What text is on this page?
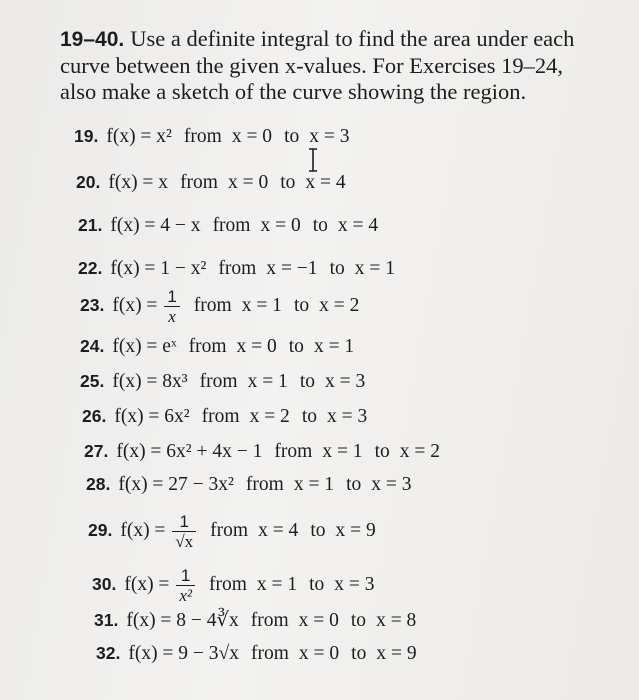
19–40. Use a definite integral to find the area under each
curve between the given x-values. For Exercises 19–24,
also make a sketch of the curve showing the region.
19. f(x) = x² from x = 0 to x = 3
20. f(x) = x from x = 0 to x = 4
21. f(x) = 4 − x from x = 0 to x = 4
22. f(x) = 1 − x² from x = −1 to x = 1
23. $f(x) = \frac{1}{x}$ from x = 1 to x = 2
24. f(x) = eˣ from x = 0 to x = 1
25. f(x) = 8x³ from x = 1 to x = 3
26. f(x) = 6x² from x = 2 to x = 3
27. f(x) = 6x² + 4x − 1 from x = 1 to x = 2
28. f(x) = 27 − 3x² from x = 1 to x = 3
29. $f(x) = \frac{1}{√x}$ from x = 4 to x = 9
30. $f(x) = \frac{1}{\text{x²}}$ from x = 1 to x = 3
31. f(x) = 8 − 4∛x from x = 0 to x = 8
32. f(x) = 9 − 3√x from x = 0 to x = 9
